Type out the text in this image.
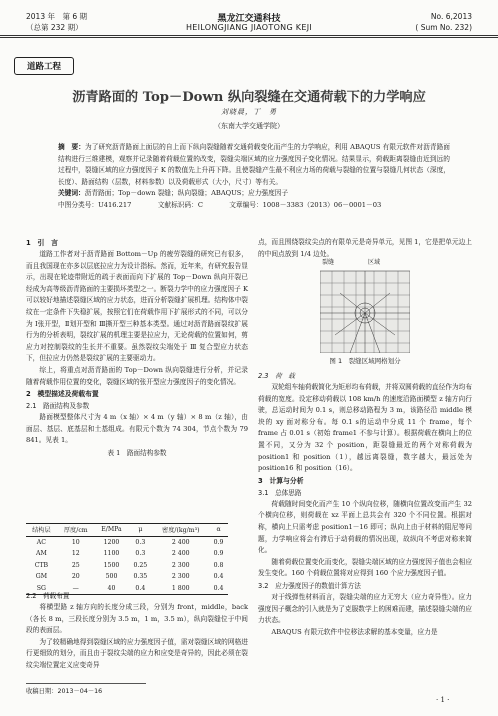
2013 年　第 6 期
（总第 232 期）
黑龙江交通科技
HEILONGJIANG JIAOTONG KEJI
No. 6,2013
( Sum No. 232)
道路工程
沥青路面的 Top－Down 纵向裂缝在交通荷载下的力学响应
刘晓晨，丁　勇
（东南大学交通学院）
摘　要：为了研究沥青路面上面层的自上而下纵向裂缝随着交通荷载变化而产生的力学响应，利用 ABAQUS 有限元软件对沥青路面结构进行三维建模，观察并记录随着荷载位置的改变，裂缝尖端区域的应力强度因子变化情况。结果显示，荷载距离裂缝由近到远的过程中，裂缝区域的应力强度因子 K 的数值先上升再下降。且使裂缝产生最不利应力场的荷载与裂缝的位置与裂缝几何状态（深度，长度）、路面结构（层数，材料参数）以及荷载形式（大小，尺寸）等有关。
关键词：沥青路面；Top－down 裂缝；纵向裂缝；ABAQUS；应力强度因子
中图分类号：U416.217	文献标识码：C	文章编号：1008－3383（2013）06－0001－03
1　引　言

道路工作者对于沥青路面 Bottom－Up 的疲劳裂缝的研究已有很多，而且我国现在亦多以层底拉应力为设计指标。然而，近年来，有研究报告显示，出现在轮迹带附近的疏于表面而向下扩展的 Top－Down 纵向开裂已经成为高等级沥青路面的主要损坏类型之一。断裂力学中的应力强度因子 K 可以较好地描述裂缝区域的应力状态，进而分析裂缝扩展机理。结构体中裂纹在一定条件下失稳扩展，按照它们在荷载作用下扩展形式的不同，可以分为 Ⅰ张开型，Ⅱ划开型和 Ⅲ撕开型三种基本类型。通过对沥青路面裂纹扩展行为的分析表明，裂纹扩展的机理主要是拉应力，无论荷载的位置如何，剪应力对控制裂纹的生长并不重要。虽然裂纹尖端处于 Ⅲ 复合型应力状态下，但拉应力仍然是裂纹扩展的主要驱动力。

综上，将重点对沥青路面的 Top－Down 纵向裂缝进行分析，并记录随着荷载作用位置的变化，裂缝区域的张开型应力强度因子的变化情况。

2　模型描述及荷载布置
2.1　路面结构及参数

路面模型整体尺寸为 4 m（x 轴）× 4 m（y 轴）× 8 m（z 轴），由面层、基层、底基层和土基组成。有限元个数为 74 304，节点个数为 79 841。见表 1。

表 1　路面结构参数
结构层	厚度/cm	E/MPa	μ	密度/(kg/m³)	α
AC	10	1200	0.3	2 400	0.9
AM	12	1100	0.3	2 400	0.9
CTB	25	1500	0.25	2 300	0.8
GM	20	500	0.35	2 300	0.4
SG	—	40	0.4	1 800	0.4
2.2　荷载布置

将横型路 z 轴方向的长度分成三段，分别为 front，middle，back（各长 8 m，三段长度分别为 3.5 m，1 m，3.5 m），纵向裂缝位于中间段的表面层。

为了较精确地得到裂缝区域的应力强度因子值，需对裂缝区域的网格进行更细致的划分，而且由于裂纹尖端的应力和应变是奇异的，因此必须在裂纹尖端位置定义应变奇异

收稿日期：2013－04－16

点，而且围绕裂纹尖点的有限单元是奇异单元，见图 1，它是把单元边上的中间点放到 1/4 边处。

裂缝	区域
图 1　裂缝区域网格划分
2.3　荷　载

双轮组车轴荷载简化为矩形均布荷载，并将双圆荷载的直径作为均布荷载的宽度。设定移动荷载以 108 km/h 的速度沿路面横型 z 轴方向行驶，总运动时间为 0.1 s，则总移动路程为 3 m，该路径沿 middle 模块的 xy 面对称分布。每 0.1 s的运动中分成 11 个 frame，每个 frame 占 0.01 s（初始 frame1 不参与计算）。根据荷载在横向上的位置不同，又分为 32 个 position，距裂缝最近的两个对称荷载为 position1 和 position（1），越远离裂缝，数字越大，最远处为 position16 和 position（16）。

3　计算与分析
3.1　总体思路

荷载随时间变化而产生 10 个纵向位移，随横向位置改变而产生 32 个横向位移，则荷载在 xz 平面上总共会有 320 个不同位置。根据对称，横向上只需考虑 position1－16 即可；纵向上由于材料的阻尼等问题，力学响应将会有滞后于动荷载的情况出现，故纵向不考虑对称来简化。

随着荷载位置变化而变化，裂缝尖端区域的应力强度因子值也会相应发生变化。160 个荷载位置将对应得到 160 个应力强度因子值。

3.2　应力强度因子的数值计算方法

对于线弹性材料而言，裂缝尖端的应力无穷大（应力奇异性）。应力强度因子概念的引入就是为了克服数学上的困难而建，描述裂缝尖端的应力状态。

ABAQUS 有限元软件中位移法求解的基本变量，应力是

· 1 ·
